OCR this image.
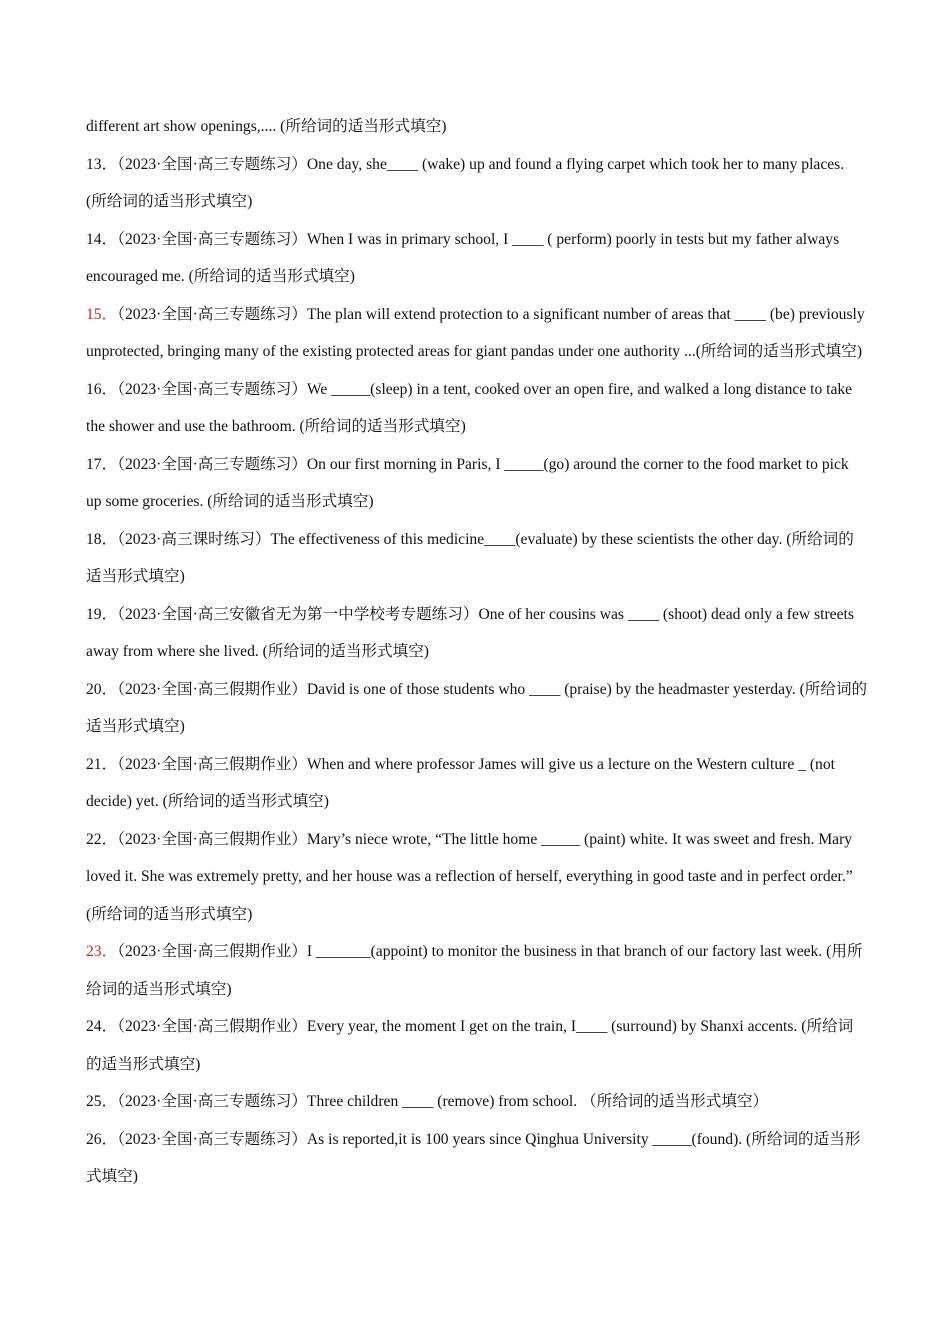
different art show openings,.... (所给词的适当形式填空)

13．（2023·全国·高三专题练习）One day, she____ (wake) up and found a flying carpet which took her to many places. (所给词的适当形式填空)

14．（2023·全国·高三专题练习）When I was in primary school, I ____ ( perform) poorly in tests but my father always encouraged me. (所给词的适当形式填空)

15．（2023·全国·高三专题练习）The plan will extend protection to a significant number of areas that ____ (be) previously unprotected, bringing many of the existing protected areas for giant pandas under one authority ...(所给词的适当形式填空)

16．（2023·全国·高三专题练习）We _____(sleep) in a tent, cooked over an open fire, and walked a long distance to take the shower and use the bathroom. (所给词的适当形式填空)

17．（2023·全国·高三专题练习）On our first morning in Paris, I _____(go) around the corner to the food market to pick up some groceries. (所给词的适当形式填空)

18．（2023·高三课时练习）The effectiveness of this medicine____(evaluate) by these scientists the other day. (所给词的适当形式填空)

19．（2023·全国·高三安徽省无为第一中学校考专题练习）One of her cousins was ____ (shoot) dead only a few streets away from where she lived. (所给词的适当形式填空)

20．（2023·全国·高三假期作业）David is one of those students who ____ (praise) by the headmaster yesterday. (所给词的适当形式填空)

21．（2023·全国·高三假期作业）When and where professor James will give us a lecture on the Western culture _ (not decide) yet. (所给词的适当形式填空)

22．（2023·全国·高三假期作业）Mary’s niece wrote, “The little home _____ (paint) white. It was sweet and fresh. Mary loved it. She was extremely pretty, and her house was a reflection of herself, everything in good taste and in perfect order.” (所给词的适当形式填空)

23．（2023·全国·高三假期作业）I _______(appoint) to monitor the business in that branch of our factory last week. (用所给词的适当形式填空)

24．（2023·全国·高三假期作业）Every year, the moment I get on the train, I____ (surround) by Shanxi accents. (所给词的适当形式填空)

25．（2023·全国·高三专题练习）Three children ____ (remove) from school. （所给词的适当形式填空）

26．（2023·全国·高三专题练习）As is reported,it is 100 years since Qinghua University _____(found). (所给词的适当形式填空)
